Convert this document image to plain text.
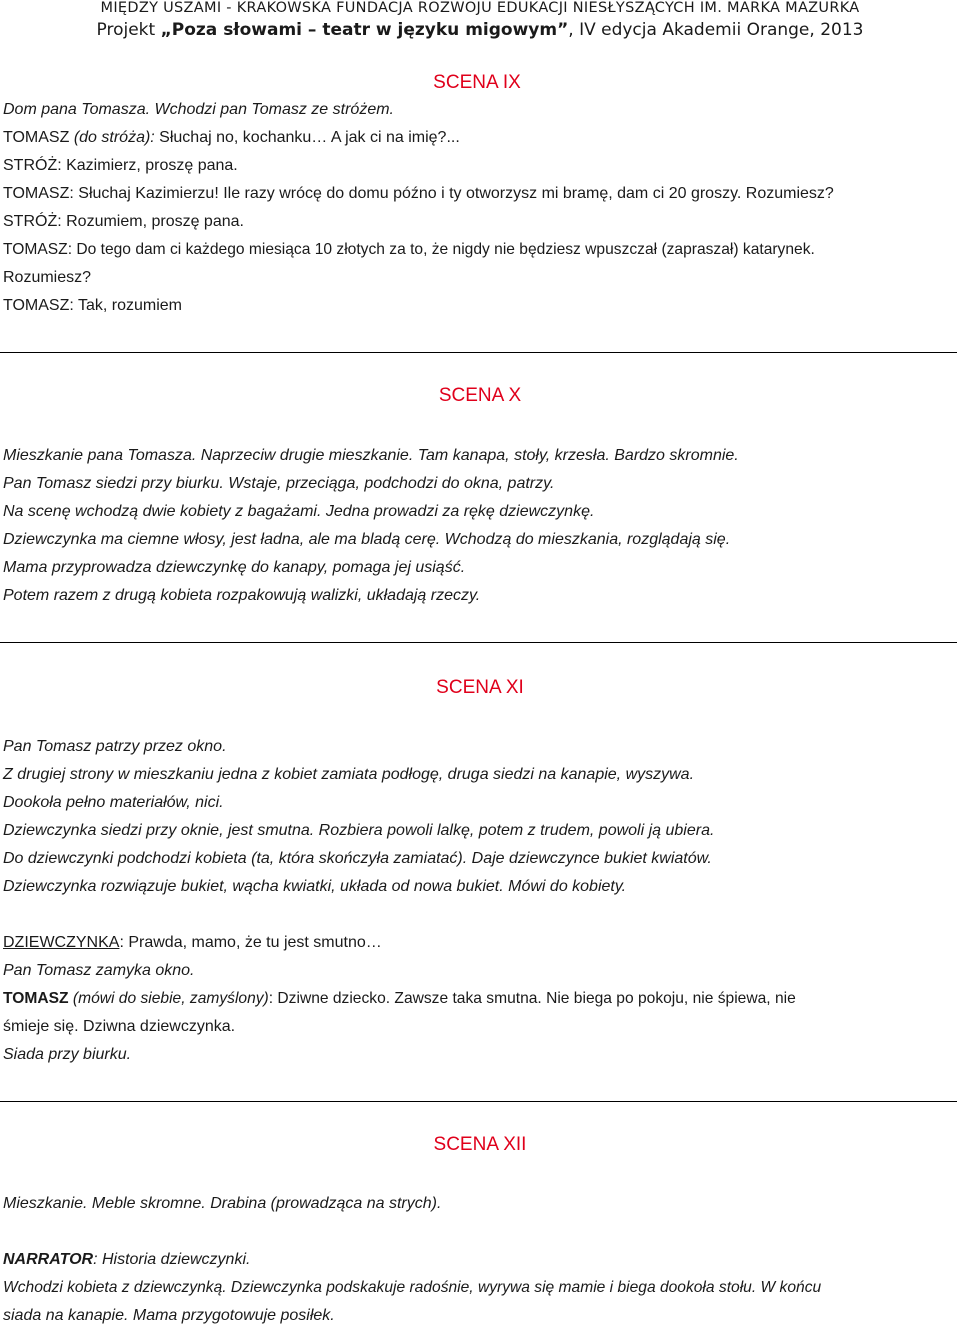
MIĘDZY USZAMI - KRAKOWSKA FUNDACJA ROZWOJU EDUKACJI NIESŁYSZĄCYCH IM. MARKA MAZURKA
Projekt „Poza słowami – teatr w języku migowym”, IV edycja Akademii Orange, 2013
SCENA IX
Dom pana Tomasza. Wchodzi pan Tomasz ze stróżem.
TOMASZ (do stróża): Słuchaj no, kochanku… A jak ci na imię?...
STRÓŻ: Kazimierz, proszę pana.
TOMASZ: Słuchaj Kazimierzu! Ile razy wrócę do domu późno i ty otworzysz mi bramę, dam ci 20 groszy. Rozumiesz?
STRÓŻ: Rozumiem, proszę pana.
TOMASZ: Do tego dam ci każdego miesiąca 10 złotych za to, że nigdy nie będziesz wpuszczał (zapraszał) katarynek.
Rozumiesz?
TOMASZ: Tak, rozumiem
SCENA X
Mieszkanie pana Tomasza. Naprzeciw drugie mieszkanie. Tam kanapa, stoły, krzesła. Bardzo skromnie.
Pan Tomasz siedzi przy biurku. Wstaje, przeciąga, podchodzi do okna, patrzy.
Na scenę wchodzą dwie kobiety z bagażami. Jedna prowadzi za rękę dziewczynkę.
Dziewczynka ma ciemne włosy, jest ładna, ale ma bladą cerę. Wchodzą do mieszkania, rozglądają się.
Mama przyprowadza dziewczynkę do kanapy, pomaga jej usiąść.
Potem razem z drugą kobieta rozpakowują walizki, układają rzeczy.
SCENA XI
Pan Tomasz patrzy przez okno.
Z drugiej strony w mieszkaniu jedna z kobiet zamiata podłogę, druga siedzi na kanapie, wyszywa.
Dookoła pełno materiałów, nici.
Dziewczynka siedzi przy oknie, jest smutna. Rozbiera powoli lalkę, potem z trudem, powoli ją ubiera.
Do dziewczynki podchodzi kobieta (ta, która skończyła zamiatać). Daje dziewczynce bukiet kwiatów.
Dziewczynka rozwiązuje bukiet, wącha kwiatki, układa od nowa bukiet. Mówi do kobiety.
DZIEWCZYNKA: Prawda, mamo, że tu jest smutno…
Pan Tomasz zamyka okno.
TOMASZ (mówi do siebie, zamyślony): Dziwne dziecko. Zawsze taka smutna. Nie biega po pokoju, nie śpiewa, nie
śmieje się. Dziwna dziewczynka.
Siada przy biurku.
SCENA XII
Mieszkanie. Meble skromne. Drabina (prowadząca na strych).
NARRATOR: Historia dziewczynki.
Wchodzi kobieta z dziewczynką. Dziewczynka podskakuje radośnie, wyrywa się mamie i biega dookoła stołu. W końcu
siada na kanapie. Mama przygotowuje posiłek.
